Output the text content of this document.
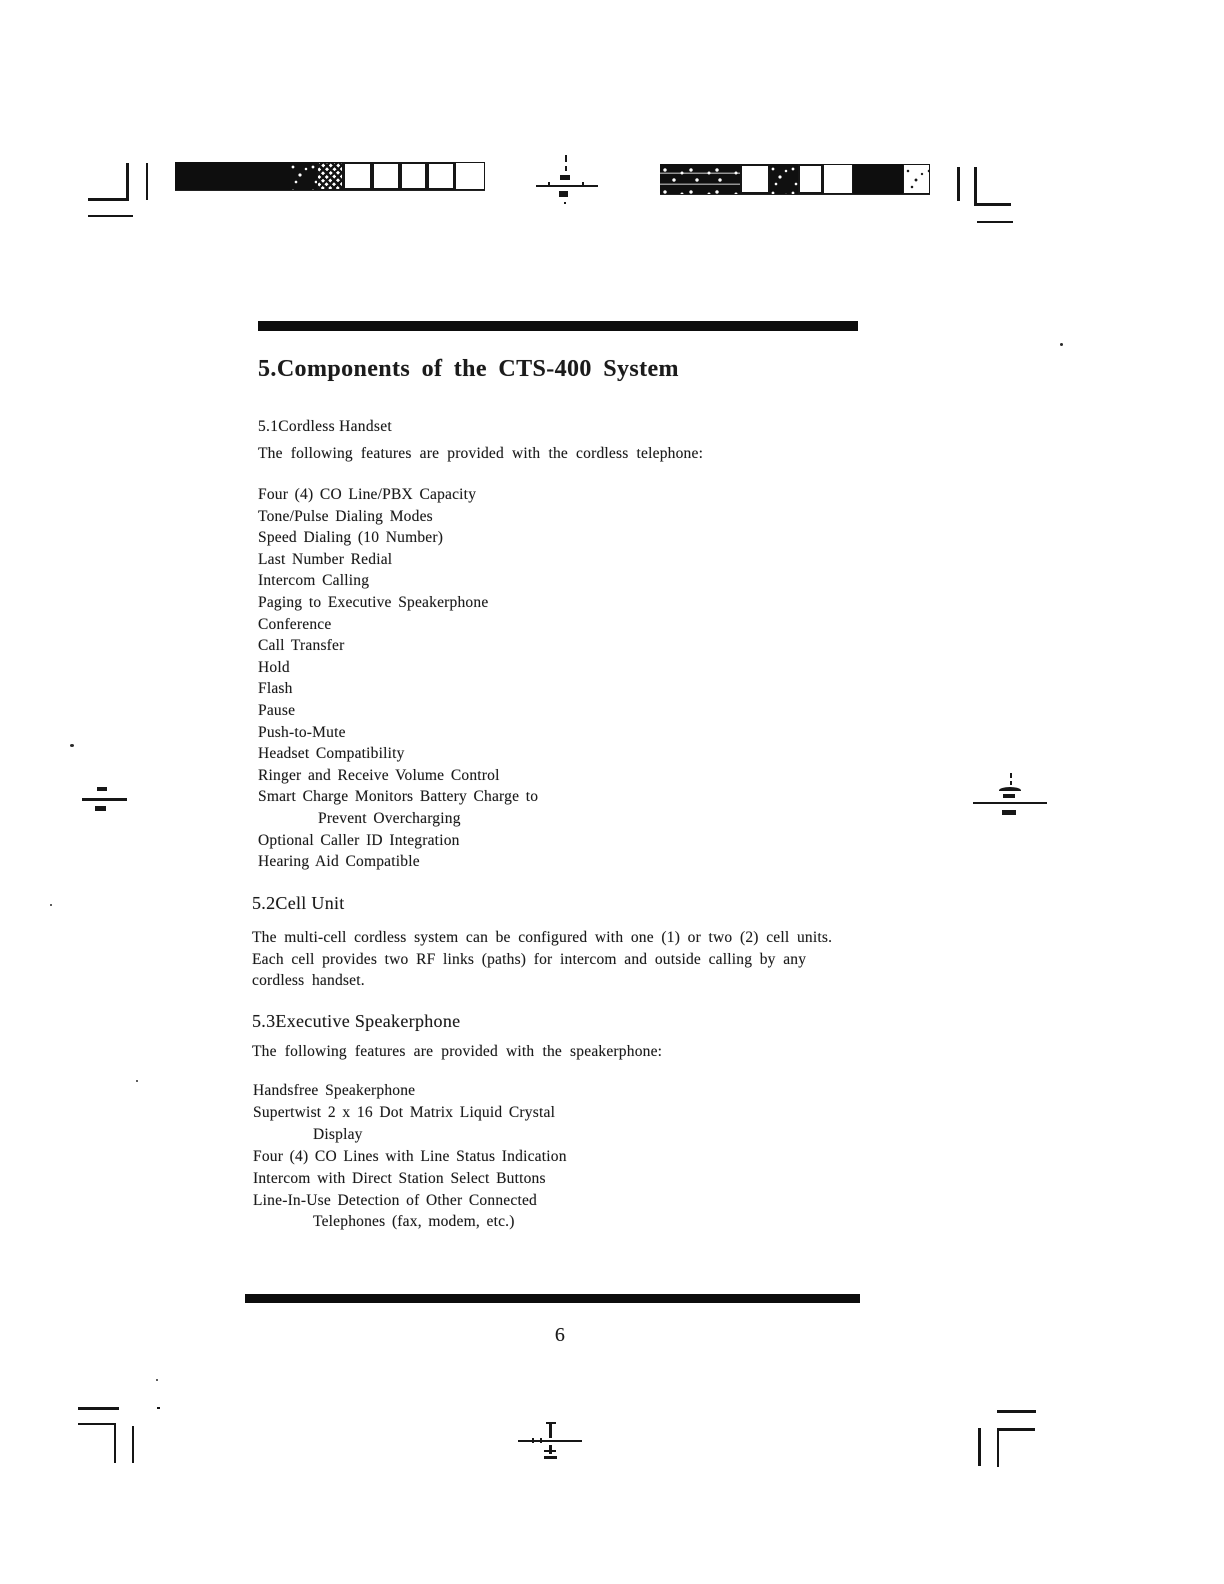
5.Components of the CTS-400 System
5.1Cordless Handset
The following features are provided with the cordless telephone:
Four (4) CO Line/PBX Capacity
Tone/Pulse Dialing Modes
Speed Dialing (10 Number)
Last Number Redial
Intercom Calling
Paging to Executive Speakerphone
Conference
Call Transfer
Hold
Flash
Pause
Push-to-Mute
Headset Compatibility
Ringer and Receive Volume Control
Smart Charge Monitors Battery Charge to
Prevent Overcharging
Optional Caller ID Integration
Hearing Aid Compatible
5.2Cell Unit
The multi-cell cordless system can be configured with one (1) or two (2) cell units.
Each cell provides two RF links (paths) for intercom and outside calling by any
cordless handset.
5.3Executive Speakerphone
The following features are provided with the speakerphone:
Handsfree Speakerphone
Supertwist 2 x 16 Dot Matrix Liquid Crystal
Display
Four (4) CO Lines with Line Status Indication
Intercom with Direct Station Select Buttons
Line-In-Use Detection of Other Connected
Telephones (fax, modem, etc.)
6
